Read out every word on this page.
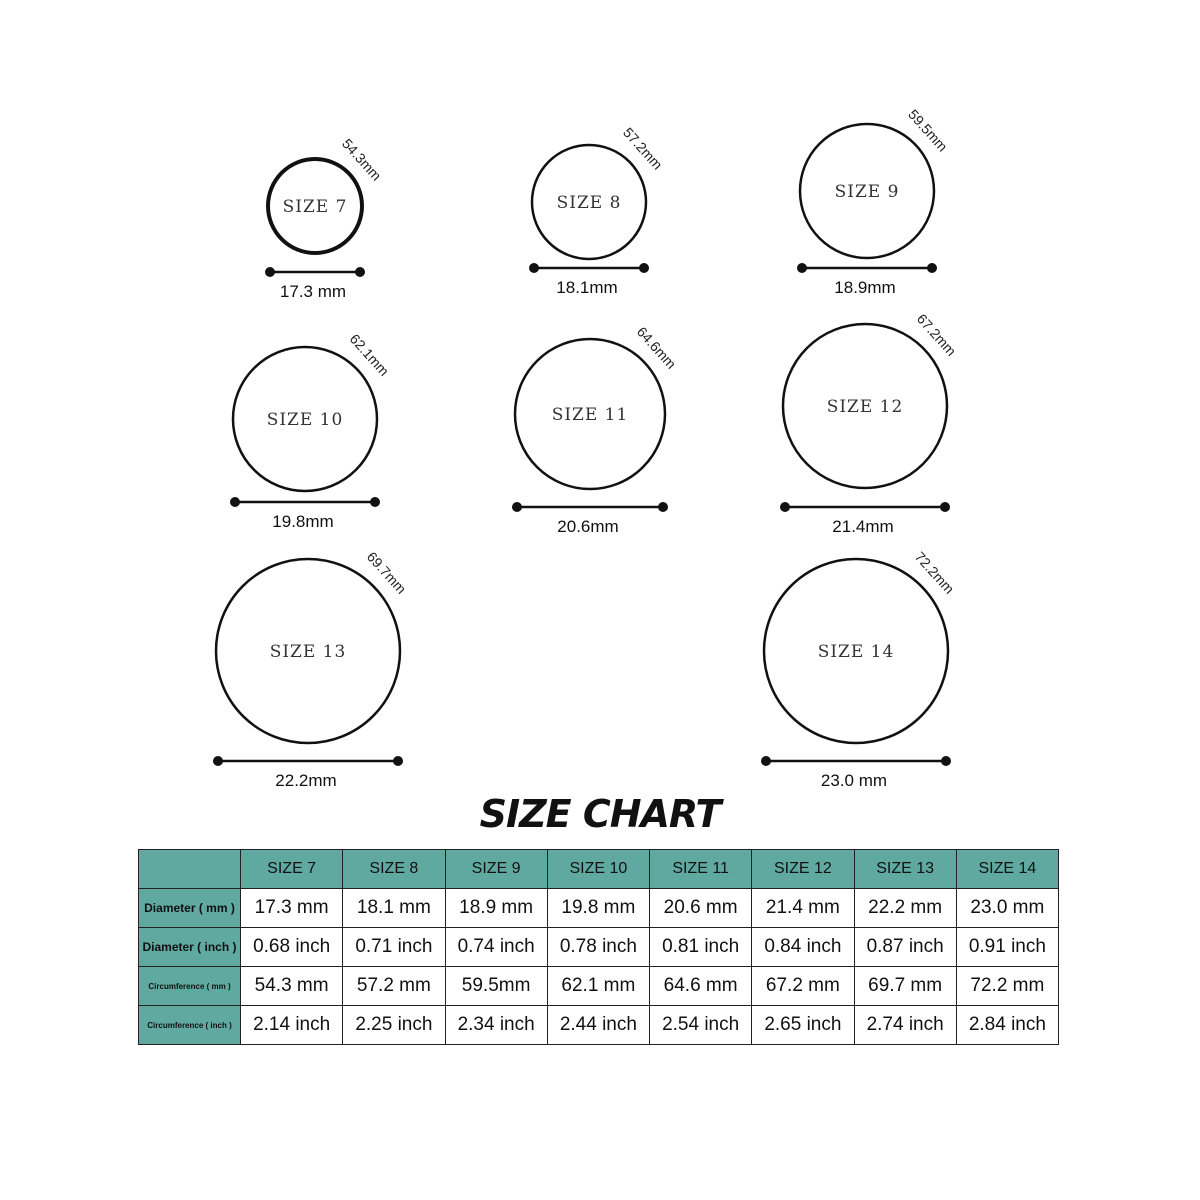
SIZE 7
54.3mm
17.3 mm
SIZE 8
57.2mm
18.1mm
SIZE 9
59.5mm
18.9mm
SIZE 10
62.1mm
19.8mm
SIZE 11
64.6mm
20.6mm
SIZE 12
67.2mm
21.4mm
SIZE 13
69.7mm
22.2mm
SIZE 14
72.2mm
23.0 mm
SIZE CHART
	SIZE 7	SIZE 8	SIZE 9	SIZE 10	SIZE 11	SIZE 12	SIZE 13	SIZE 14
Diameter ( mm )	17.3 mm	18.1 mm	18.9 mm	19.8 mm	20.6 mm	21.4 mm	22.2 mm	23.0 mm
Diameter ( inch )	0.68 inch	0.71 inch	0.74 inch	0.78 inch	0.81 inch	0.84 inch	0.87 inch	0.91 inch
Circumference ( mm )	54.3 mm	57.2 mm	59.5mm	62.1 mm	64.6 mm	67.2 mm	69.7 mm	72.2 mm
Circumference ( inch )	2.14 inch	2.25 inch	2.34 inch	2.44 inch	2.54 inch	2.65 inch	2.74 inch	2.84 inch
